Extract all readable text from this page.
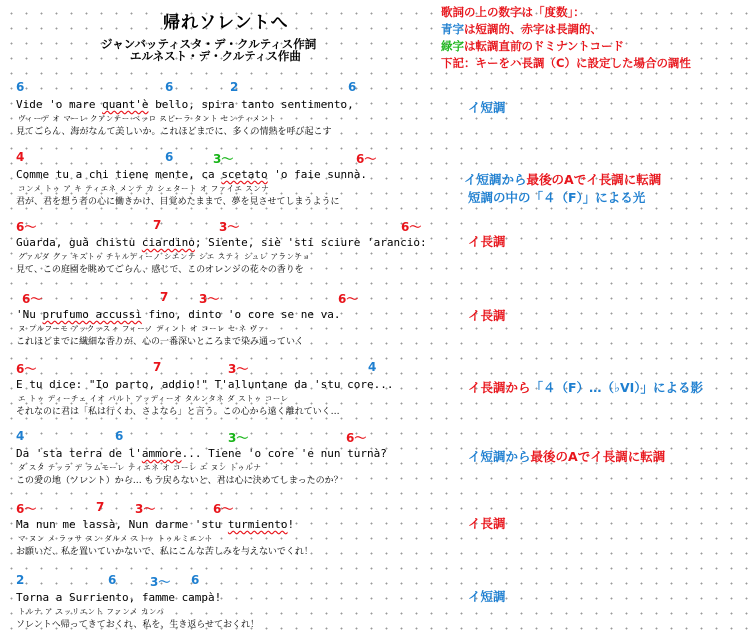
帰れソレントへ
ジャンバッティスタ・デ・クルティス作詞
エルネスト・デ・クルティス作曲
歌詞の上の数字は「度数」：
青字は短調的、赤字は長調的、
緑字は転調直前のドミナントコード
下記：キーをハ長調（C）に設定した場合の調性
6	6	2	6
Vide 'o mare quant'è bello, spira tanto sentimento,
ヴィーデ オ マーレ クアンテー ベッロ スピーラ タント センティメント
見てごらん、海がなんて美しいか。これほどまでに、多くの情熱を呼び起こす
イ短調
4	6	3〜	6〜
Comme tu a chi tiene mente, ca scetato 'o faie sunnà.
コンメ トゥ ア キ ティエネ メンテ カ シェタート オ ファイエ スンナ
君が、君を想う者の心に働きかけ、目覚めたままで、夢を見させてしまうように
イ短調から最後のAでイ長調に転調
短調の中の「４（F）」による光
6〜	7	3〜	6〜
Guarda, guà chistu ciardino; Siente, siè 'sti sciure 'arancio:
グァルダ グァ キストゥ チャルディーノ シエンテ シエ スティ シュレ アランチョ
見て、この庭園を眺めてごらん、感じて、このオレンジの花々の香りを
イ長調
6〜	7	3〜	6〜
'Nu prufumo accussì fino, dinto 'o core se ne va.
ヌ プルフーモ アックッスィ フィーノ ディント オ コーレ セ ネ ヴァ
これほどまでに繊細な香りが、心の一番深いところまで染み通っていく
イ長調
6〜	7	3〜	4
E tu dice: "Io parto, addio!" T'alluntane da 'stu core...
エ トゥ ディーチェ イオ パルト アッディーオ タルンタネ ダ ストゥ コーレ
それなのに君は「私は行くわ、さよなら」と言う。この心から遠く離れていく…
イ長調から「４（F）…（♭VI）」による影
4	6	3〜	6〜
Da 'sta terra de l'ammore... Tiene 'o core 'e nun turnà?
ダ スタ テッラ デ ラムモーレ ティエネ オ コーレ エ ヌン トゥルナ
この愛の地（ソレント）から… もう戻らないと、君は心に決めてしまったのか？
イ短調から最後のAでイ長調に転調
6〜	7	3〜	6〜
Ma nun me lassà, Nun darme 'stu turmiento!
マ ヌン メ ラッサ ヌン ダルメ ストゥ トゥルミエント
お願いだ、私を置いていかないで、私にこんな苦しみを与えないでくれ！
イ長調
2	6	3〜 6
Torna a Surriento, famme campà!
トルナ ア スッリエント ファンメ カンパ
ソレントへ帰ってきておくれ、私を、生き返らせておくれ！
イ短調
